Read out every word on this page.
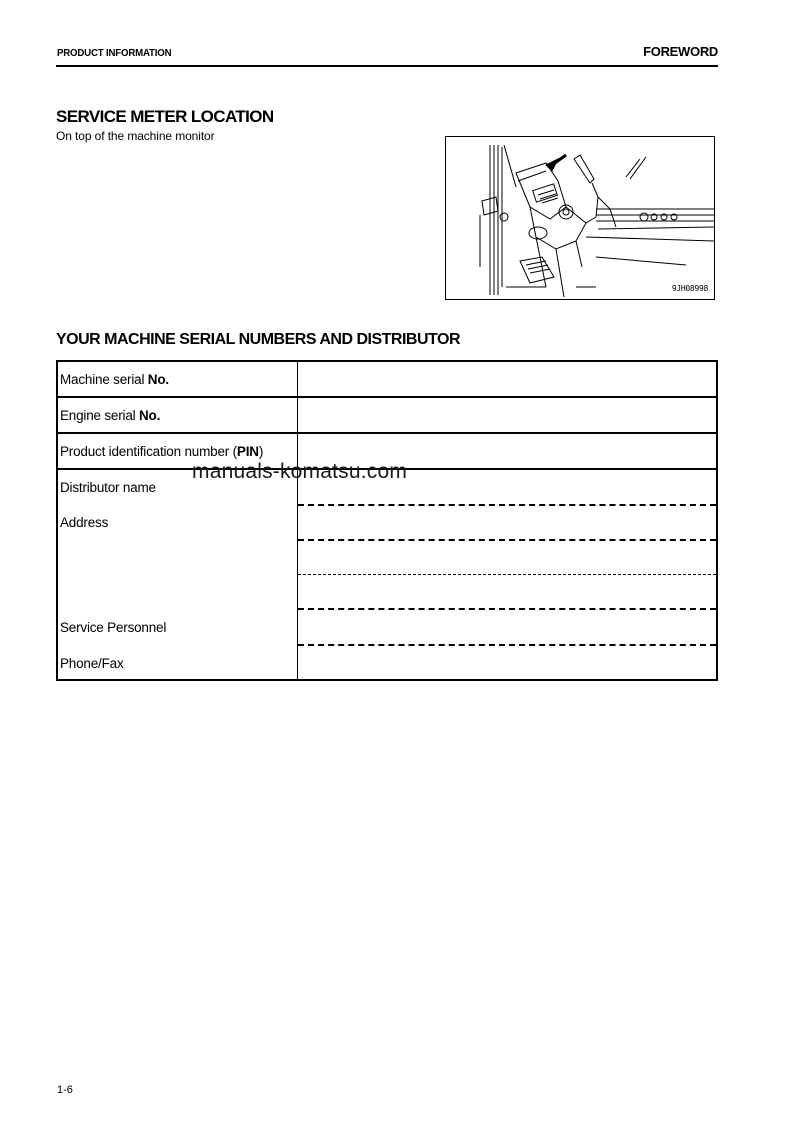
PRODUCT INFORMATION	FOREWORD
SERVICE METER LOCATION
On top of the machine monitor
9JH08998
YOUR MACHINE SERIAL NUMBERS AND DISTRIBUTOR
Machine serial No.
Engine serial No.
Product identification number (PIN)
Distributor name
Address
Service Personnel
Phone/Fax
manuals-komatsu.com
1-6
